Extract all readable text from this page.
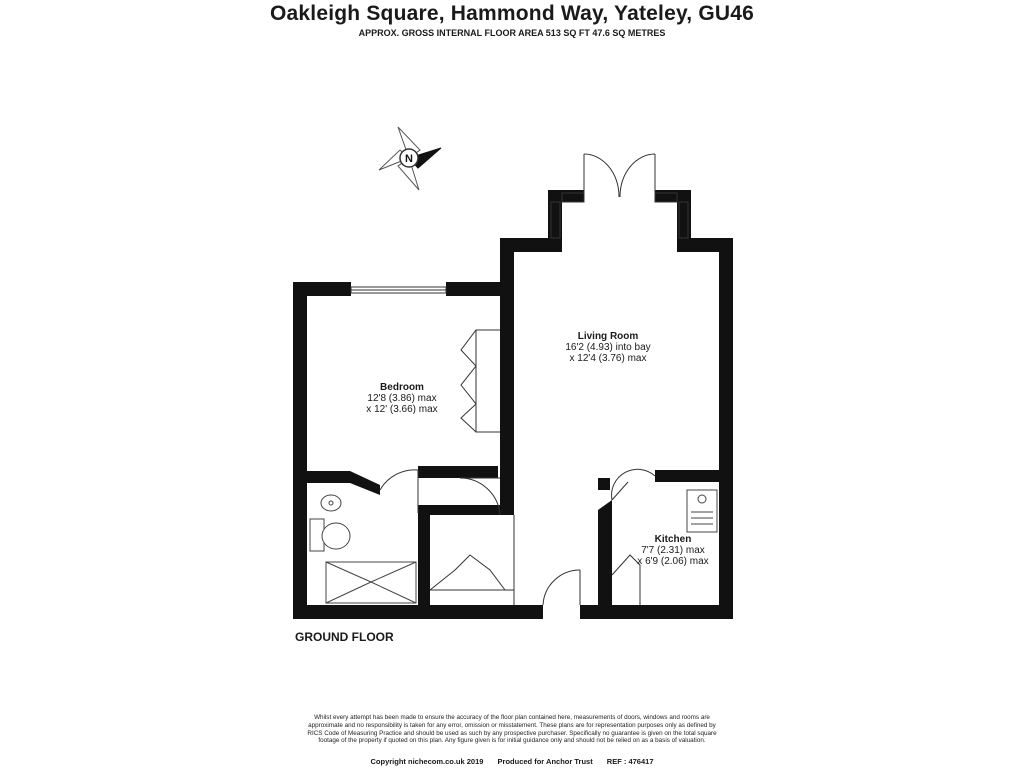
Oakleigh Square, Hammond Way, Yateley, GU46
APPROX. GROSS INTERNAL FLOOR AREA 513 SQ FT 47.6 SQ METRES
N
Living Room
16'2 (4.93) into bay
x 12'4 (3.76) max
Bedroom
12'8 (3.86) max
x 12' (3.66) max
Kitchen
7'7 (2.31) max
x 6'9 (2.06) max
GROUND FLOOR
Whilst every attempt has been made to ensure the accuracy of the floor plan contained here, measurements of doors, windows and rooms are approximate and no responsibility is taken for any error, omission or misstatement. These plans are for representation purposes only as defined by RICS Code of Measuring Practice and should be used as such by any prospective purchaser. Specifically no guarantee is given on the total square footage of the property if quoted on this plan. Any figure given is for initial guidance only and should not be relied on as a basis of valuation.
Copyright nichecom.co.uk 2019 Produced for Anchor Trust REF : 476417
